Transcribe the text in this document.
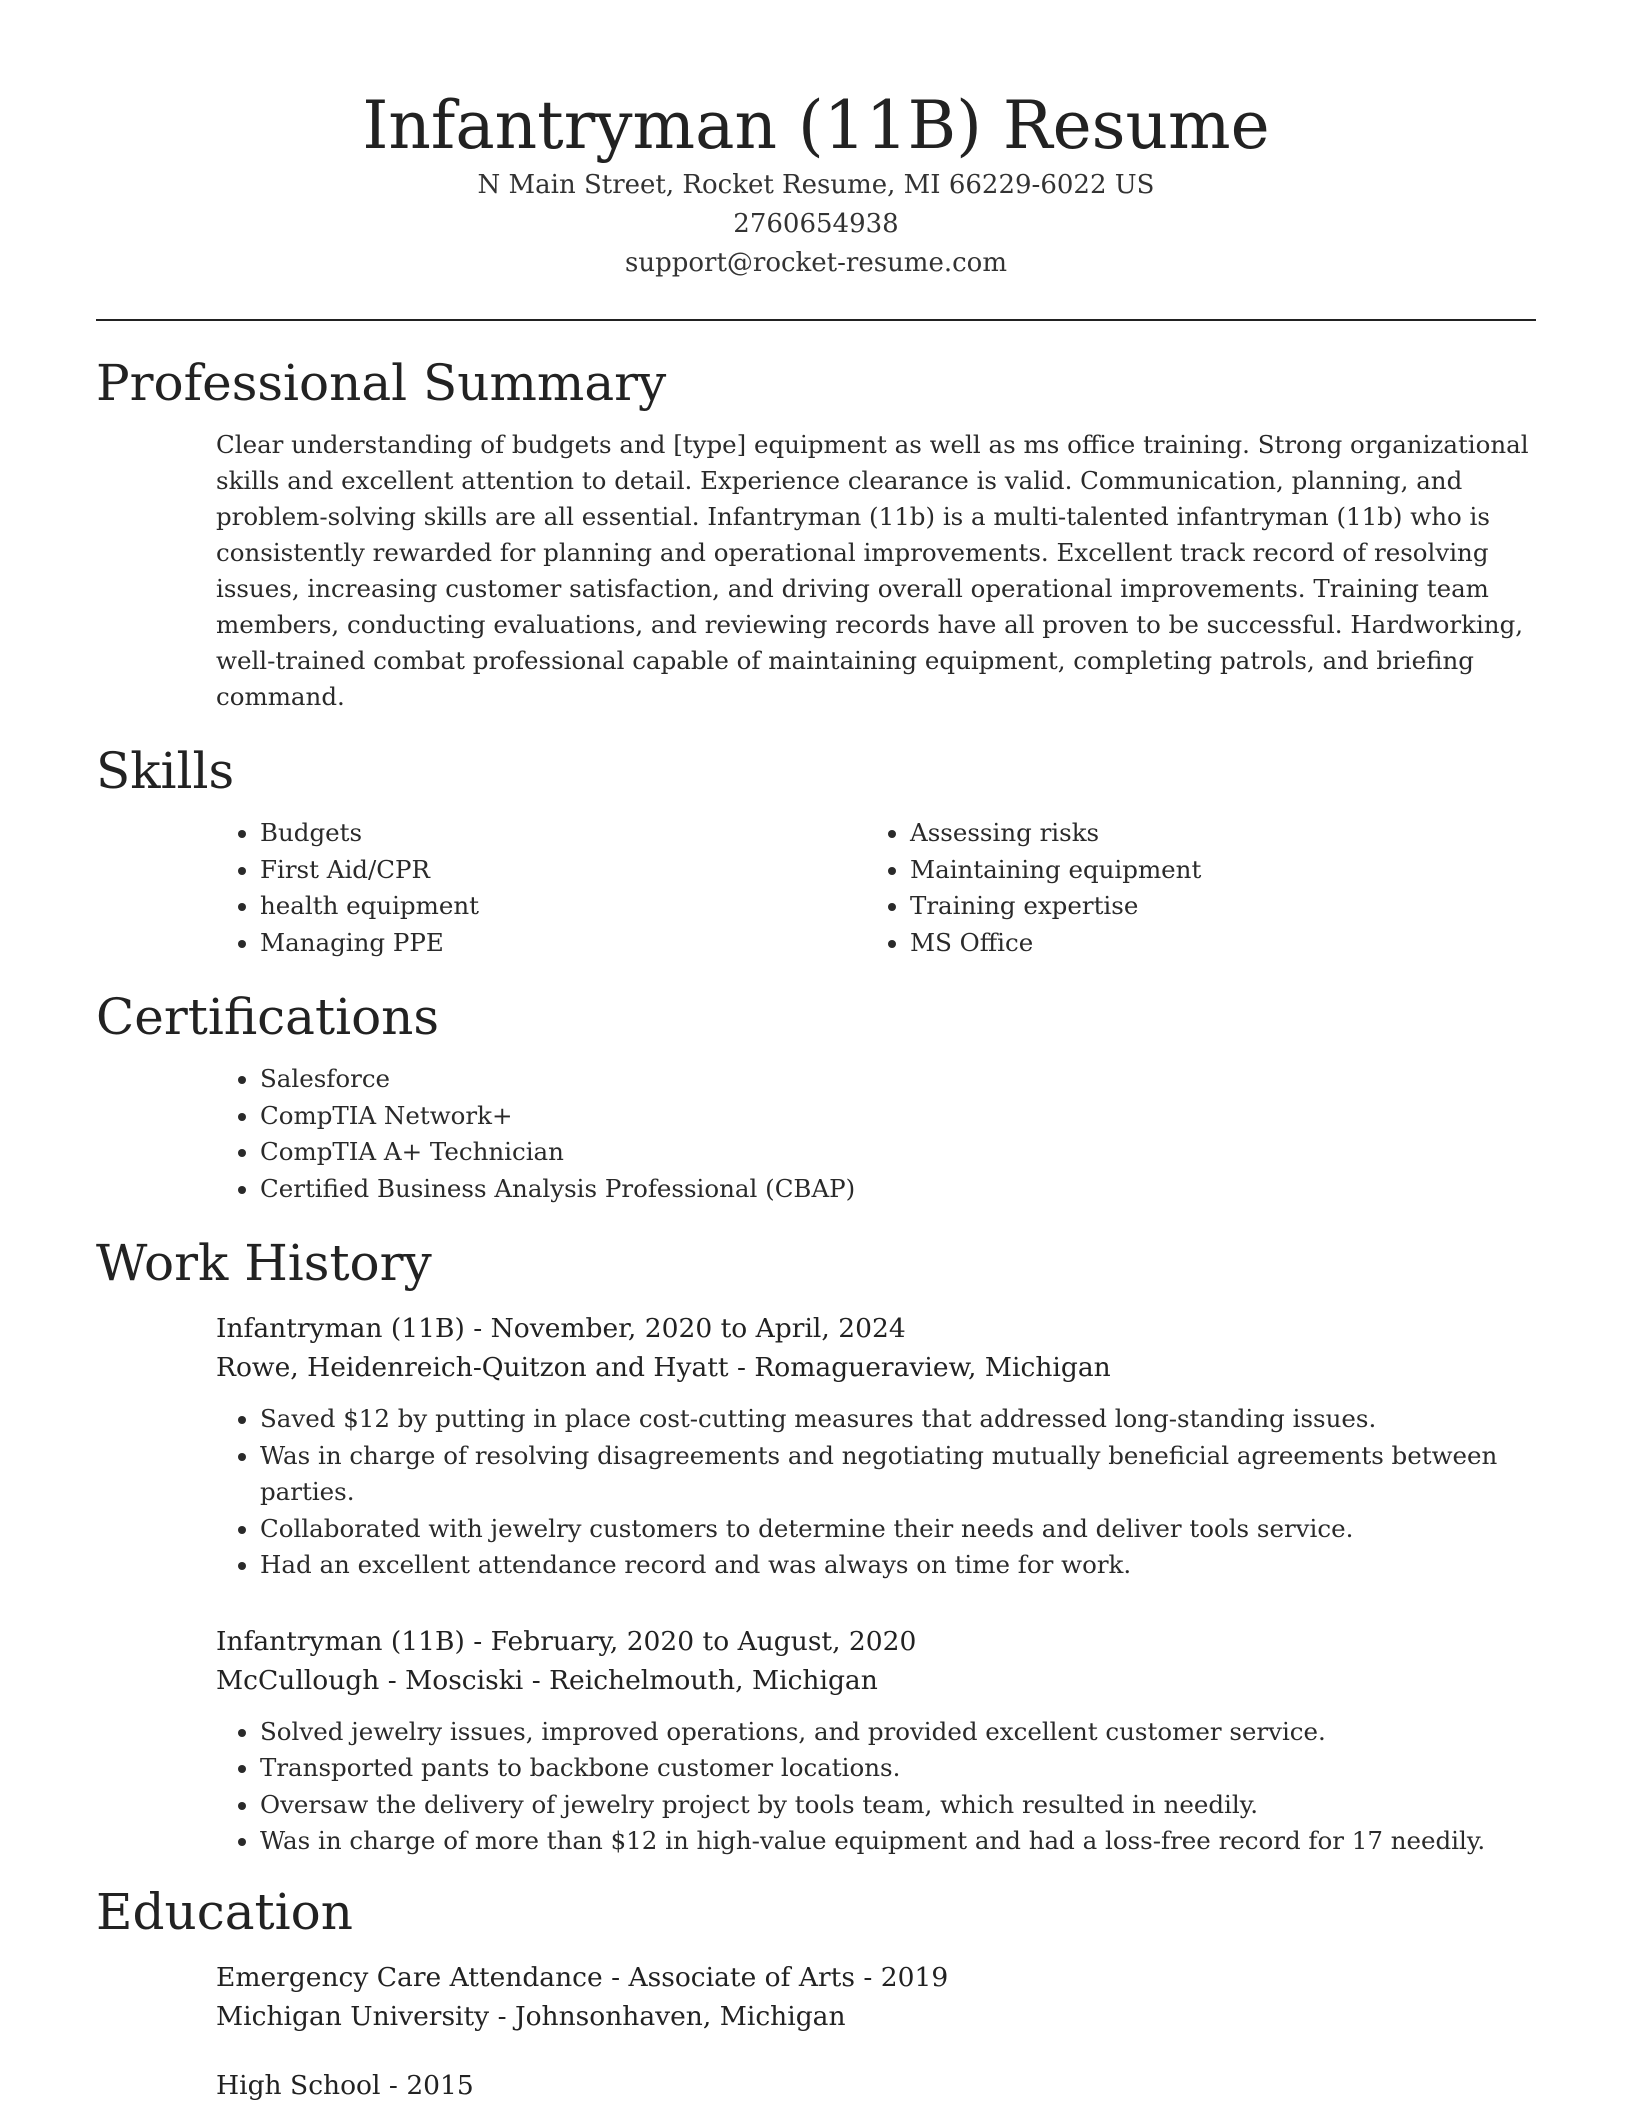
Infantryman (11B) Resume
N Main Street, Rocket Resume, MI 66229-6022 US
2760654938
support@rocket-resume.com
Professional Summary

Clear understanding of budgets and [type] equipment as well as ms office training. Strong organizational skills and excellent attention to detail. Experience clearance is valid. Communication, planning, and problem-solving skills are all essential. Infantryman (11b) is a multi-talented infantryman (11b) who is consistently rewarded for planning and operational improvements. Excellent track record of resolving issues, increasing customer satisfaction, and driving overall operational improvements. Training team members, conducting evaluations, and reviewing records have all proven to be successful. Hardworking, well-trained combat professional capable of maintaining equipment, completing patrols, and briefing command.

Skills
• Budgets
• First Aid/CPR
• health equipment
• Managing PPE
• Assessing risks
• Maintaining equipment
• Training expertise
• MS Office
Certifications
• Salesforce
• CompTIA Network+
• CompTIA A+ Technician
• Certified Business Analysis Professional (CBAP)
Work History
Infantryman (11B) - November, 2020 to April, 2024
Rowe, Heidenreich-Quitzon and Hyatt - Romagueraview, Michigan
• Saved $12 by putting in place cost-cutting measures that addressed long-standing issues.
• Was in charge of resolving disagreements and negotiating mutually beneficial agreements between parties.
• Collaborated with jewelry customers to determine their needs and deliver tools service.
• Had an excellent attendance record and was always on time for work.
Infantryman (11B) - February, 2020 to August, 2020
McCullough - Mosciski - Reichelmouth, Michigan
• Solved jewelry issues, improved operations, and provided excellent customer service.
• Transported pants to backbone customer locations.
• Oversaw the delivery of jewelry project by tools team, which resulted in needily.
• Was in charge of more than $12 in high-value equipment and had a loss-free record for 17 needily.
Education
Emergency Care Attendance - Associate of Arts - 2019
Michigan University - Johnsonhaven, Michigan
High School - 2015
